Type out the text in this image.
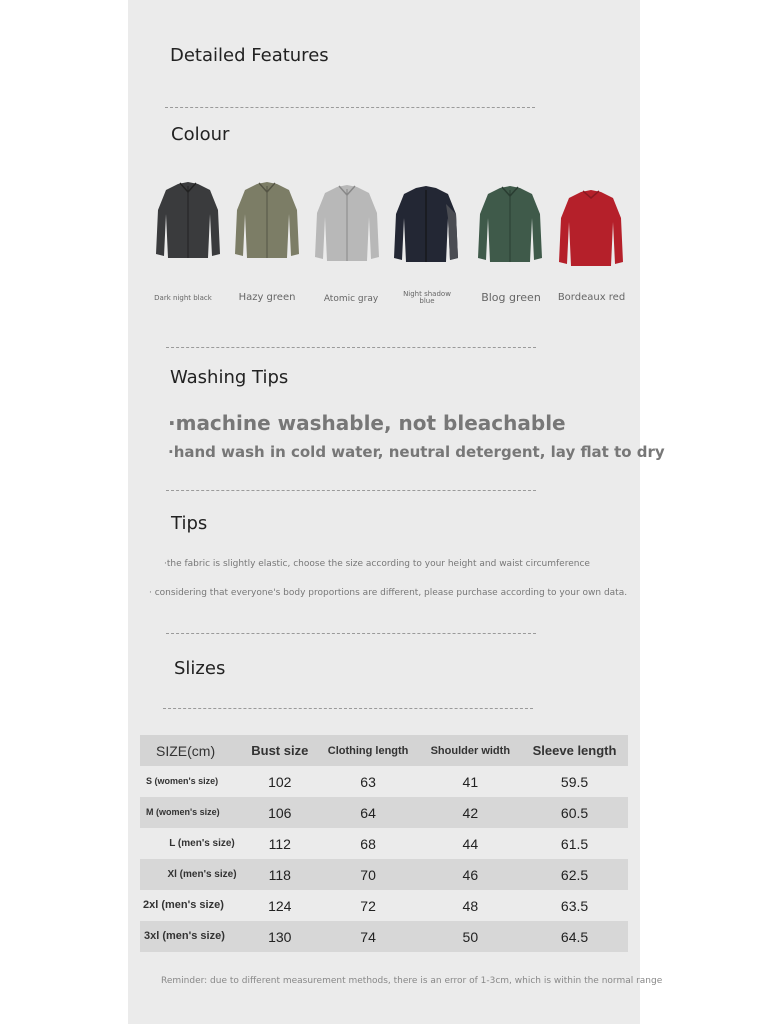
Detailed Features
Colour
Dark night black	Hazy green	Atomic gray	Night shadow blue	Blog green	Bordeaux red
Washing Tips
·machine washable, not bleachable
·hand wash in cold water, neutral detergent, lay flat to dry
Tips
·the fabric is slightly elastic, choose the size according to your height and waist circumference
· considering that everyone's body proportions are different, please purchase according to your own data.
Slizes
SIZE(cm)	Bust size	Clothing length	Shoulder width	Sleeve length
S (women's size)	102	63	41	59.5
M (women's size)	106	64	42	60.5
L (men's size)	112	68	44	61.5
Xl (men's size)	118	70	46	62.5
2xl (men's size)	124	72	48	63.5
3xl (men's size)	130	74	50	64.5
Reminder: due to different measurement methods, there is an error of 1-3cm, which is within the normal range
